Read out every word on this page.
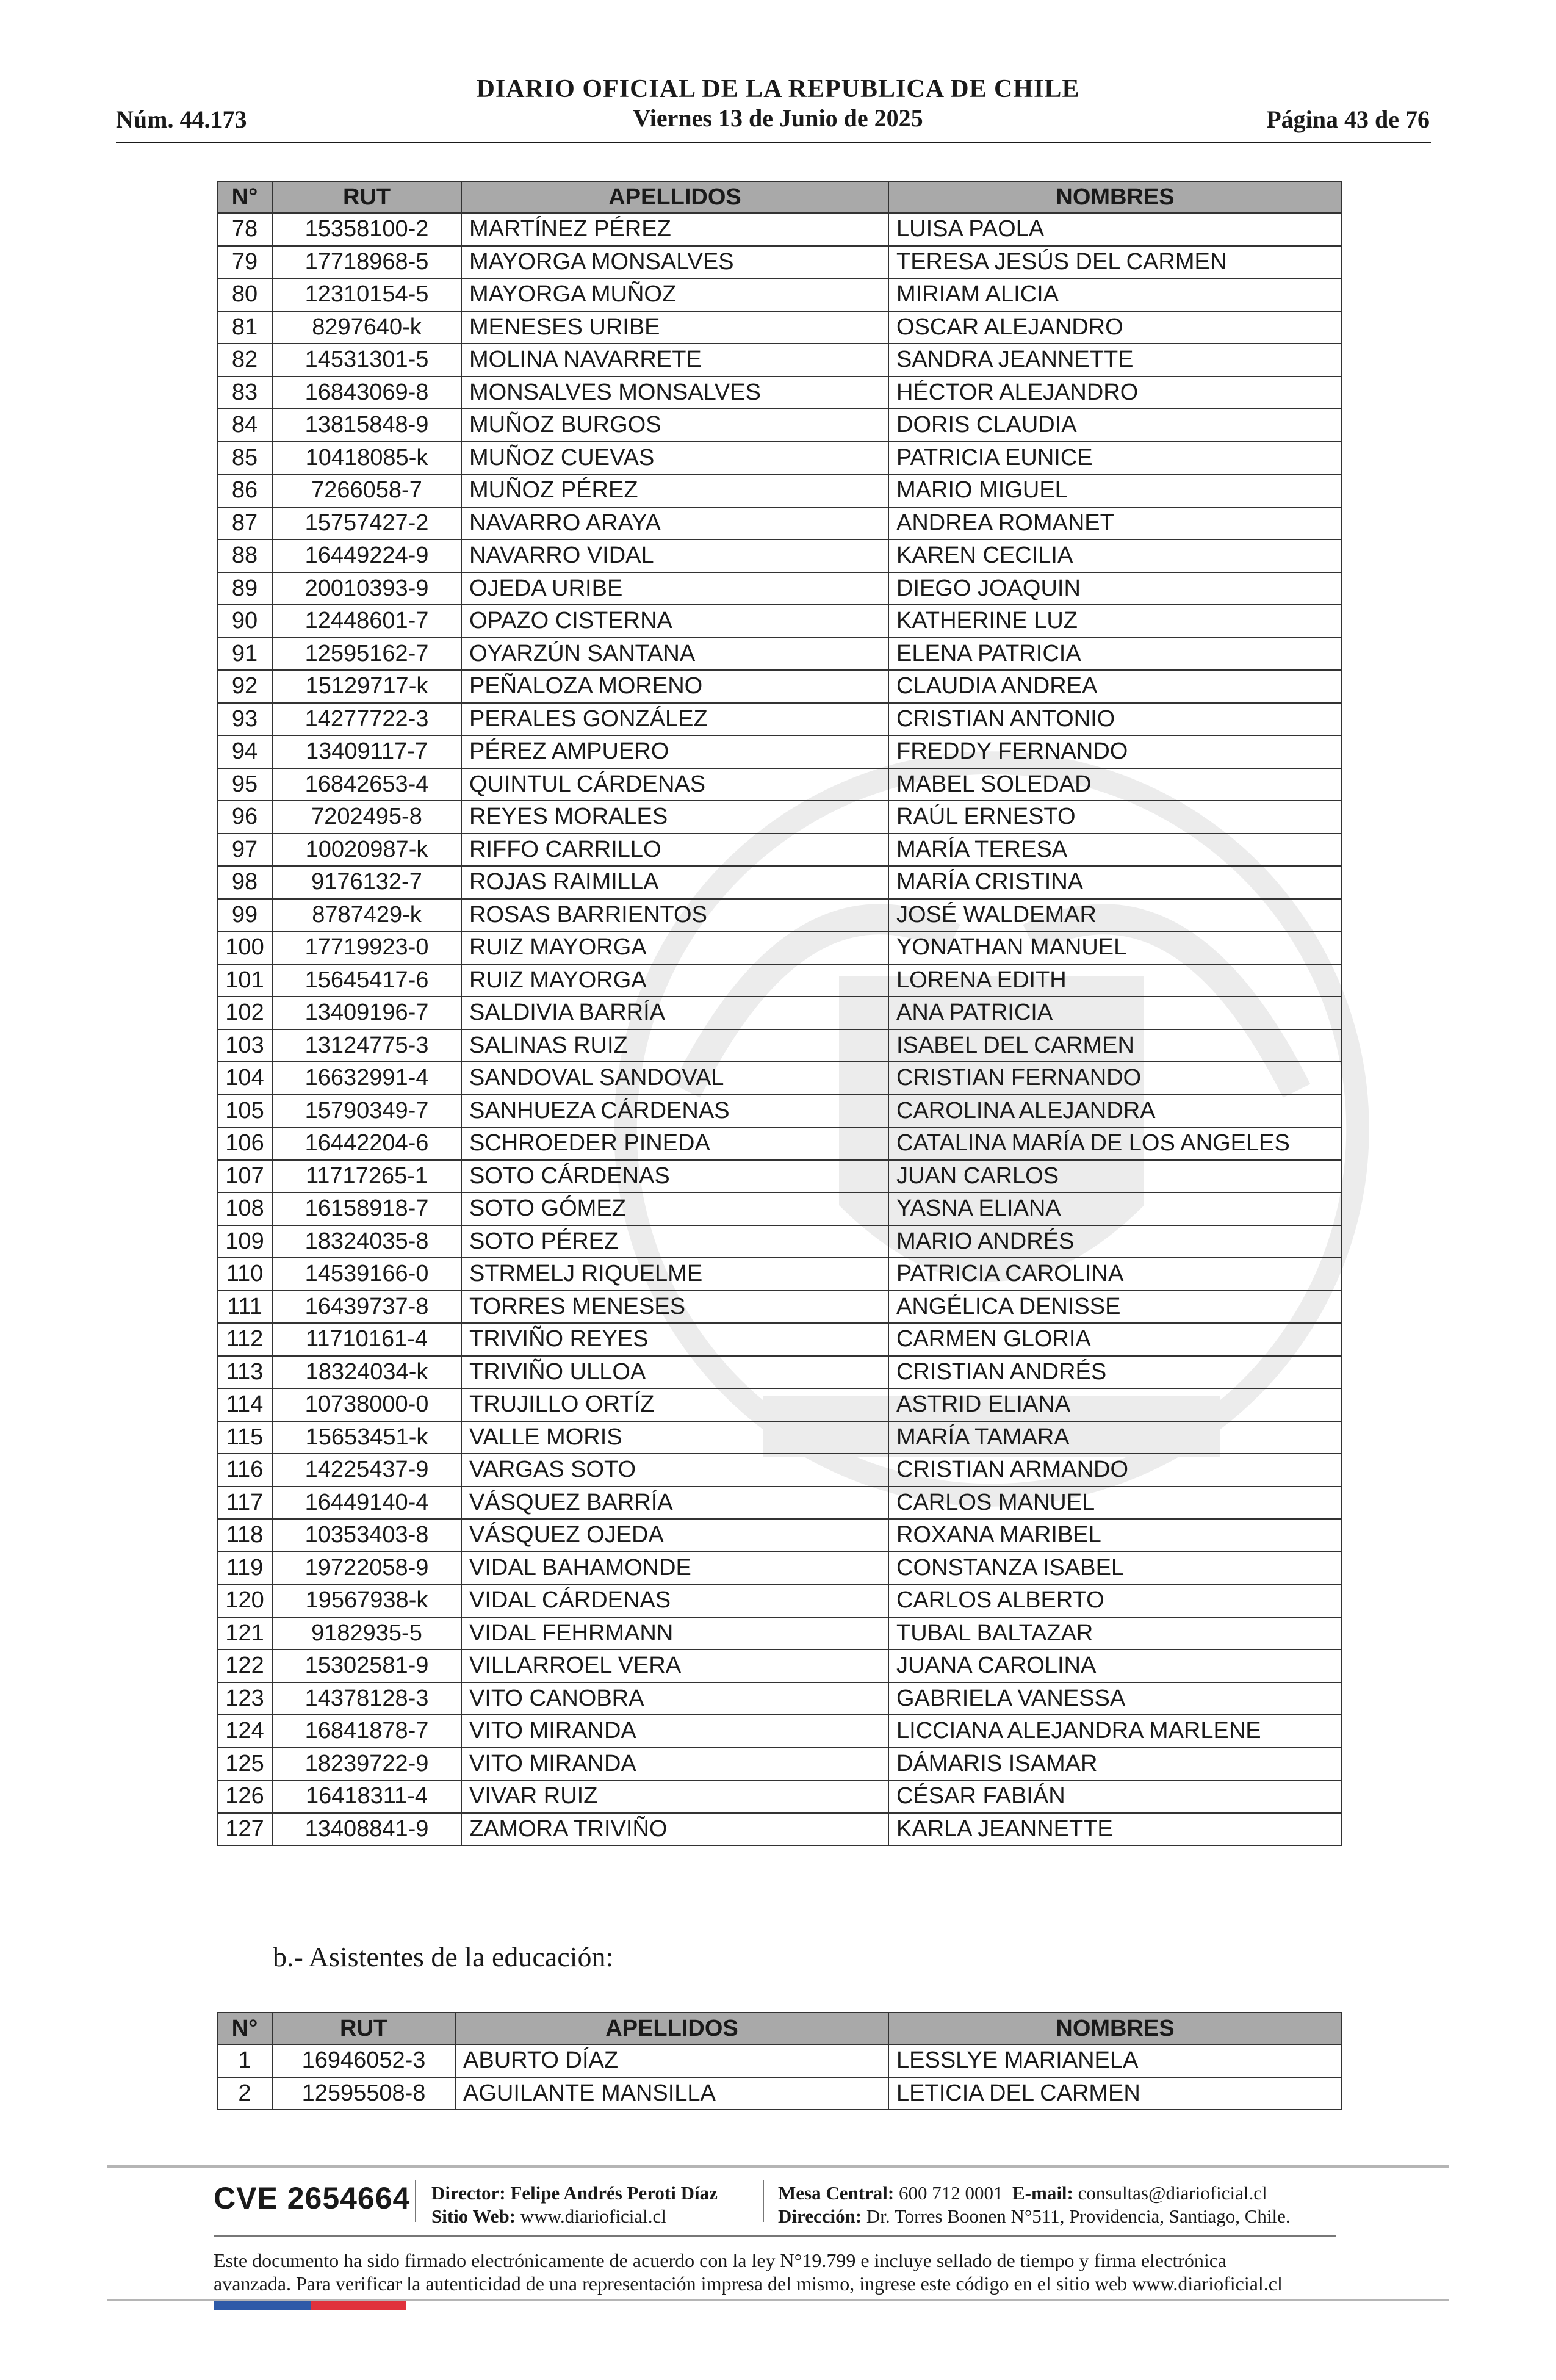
DIARIO OFICIAL DE LA REPUBLICA DE CHILE
Núm. 44.173	Viernes 13 de Junio de 2025	Página 43 de 76
N°	RUT	APELLIDOS	NOMBRES
78	15358100-2	MARTÍNEZ PÉREZ	LUISA PAOLA
79	17718968-5	MAYORGA MONSALVES	TERESA JESÚS DEL CARMEN
80	12310154-5	MAYORGA MUÑOZ	MIRIAM ALICIA
81	8297640-k	MENESES URIBE	OSCAR ALEJANDRO
82	14531301-5	MOLINA NAVARRETE	SANDRA JEANNETTE
83	16843069-8	MONSALVES MONSALVES	HÉCTOR ALEJANDRO
84	13815848-9	MUÑOZ BURGOS	DORIS CLAUDIA
85	10418085-k	MUÑOZ CUEVAS	PATRICIA EUNICE
86	7266058-7	MUÑOZ PÉREZ	MARIO MIGUEL
87	15757427-2	NAVARRO ARAYA	ANDREA ROMANET
88	16449224-9	NAVARRO VIDAL	KAREN CECILIA
89	20010393-9	OJEDA URIBE	DIEGO JOAQUIN
90	12448601-7	OPAZO CISTERNA	KATHERINE LUZ
91	12595162-7	OYARZÚN SANTANA	ELENA PATRICIA
92	15129717-k	PEÑALOZA MORENO	CLAUDIA ANDREA
93	14277722-3	PERALES GONZÁLEZ	CRISTIAN ANTONIO
94	13409117-7	PÉREZ AMPUERO	FREDDY FERNANDO
95	16842653-4	QUINTUL CÁRDENAS	MABEL SOLEDAD
96	7202495-8	REYES MORALES	RAÚL ERNESTO
97	10020987-k	RIFFO CARRILLO	MARÍA TERESA
98	9176132-7	ROJAS RAIMILLA	MARÍA CRISTINA
99	8787429-k	ROSAS BARRIENTOS	JOSÉ WALDEMAR
100	17719923-0	RUIZ MAYORGA	YONATHAN MANUEL
101	15645417-6	RUIZ MAYORGA	LORENA EDITH
102	13409196-7	SALDIVIA BARRÍA	ANA PATRICIA
103	13124775-3	SALINAS RUIZ	ISABEL DEL CARMEN
104	16632991-4	SANDOVAL SANDOVAL	CRISTIAN FERNANDO
105	15790349-7	SANHUEZA CÁRDENAS	CAROLINA ALEJANDRA
106	16442204-6	SCHROEDER PINEDA	CATALINA MARÍA DE LOS ANGELES
107	11717265-1	SOTO CÁRDENAS	JUAN CARLOS
108	16158918-7	SOTO GÓMEZ	YASNA ELIANA
109	18324035-8	SOTO PÉREZ	MARIO ANDRÉS
110	14539166-0	STRMELJ RIQUELME	PATRICIA CAROLINA
111	16439737-8	TORRES MENESES	ANGÉLICA DENISSE
112	11710161-4	TRIVIÑO REYES	CARMEN GLORIA
113	18324034-k	TRIVIÑO ULLOA	CRISTIAN ANDRÉS
114	10738000-0	TRUJILLO ORTÍZ	ASTRID ELIANA
115	15653451-k	VALLE MORIS	MARÍA TAMARA
116	14225437-9	VARGAS SOTO	CRISTIAN ARMANDO
117	16449140-4	VÁSQUEZ BARRÍA	CARLOS MANUEL
118	10353403-8	VÁSQUEZ OJEDA	ROXANA MARIBEL
119	19722058-9	VIDAL BAHAMONDE	CONSTANZA ISABEL
120	19567938-k	VIDAL CÁRDENAS	CARLOS ALBERTO
121	9182935-5	VIDAL FEHRMANN	TUBAL BALTAZAR
122	15302581-9	VILLARROEL VERA	JUANA CAROLINA
123	14378128-3	VITO CANOBRA	GABRIELA VANESSA
124	16841878-7	VITO MIRANDA	LICCIANA ALEJANDRA MARLENE
125	18239722-9	VITO MIRANDA	DÁMARIS ISAMAR
126	16418311-4	VIVAR RUIZ	CÉSAR FABIÁN
127	13408841-9	ZAMORA TRIVIÑO	KARLA JEANNETTE
b.- Asistentes de la educación:
N°	RUT	APELLIDOS	NOMBRES
1	16946052-3	ABURTO DÍAZ	LESSLYE MARIANELA
2	12595508-8	AGUILANTE MANSILLA	LETICIA DEL CARMEN
CVE 2654664 Director: Felipe Andrés Peroti Díaz
Sitio Web: www.diarioficial.cl
Mesa Central: 600 712 0001 E-mail: consultas@diarioficial.cl
Dirección: Dr. Torres Boonen N°511, Providencia, Santiago, Chile.
Este documento ha sido firmado electrónicamente de acuerdo con la ley N°19.799 e incluye sellado de tiempo y firma electrónica
avanzada. Para verificar la autenticidad de una representación impresa del mismo, ingrese este código en el sitio web www.diarioficial.cl
